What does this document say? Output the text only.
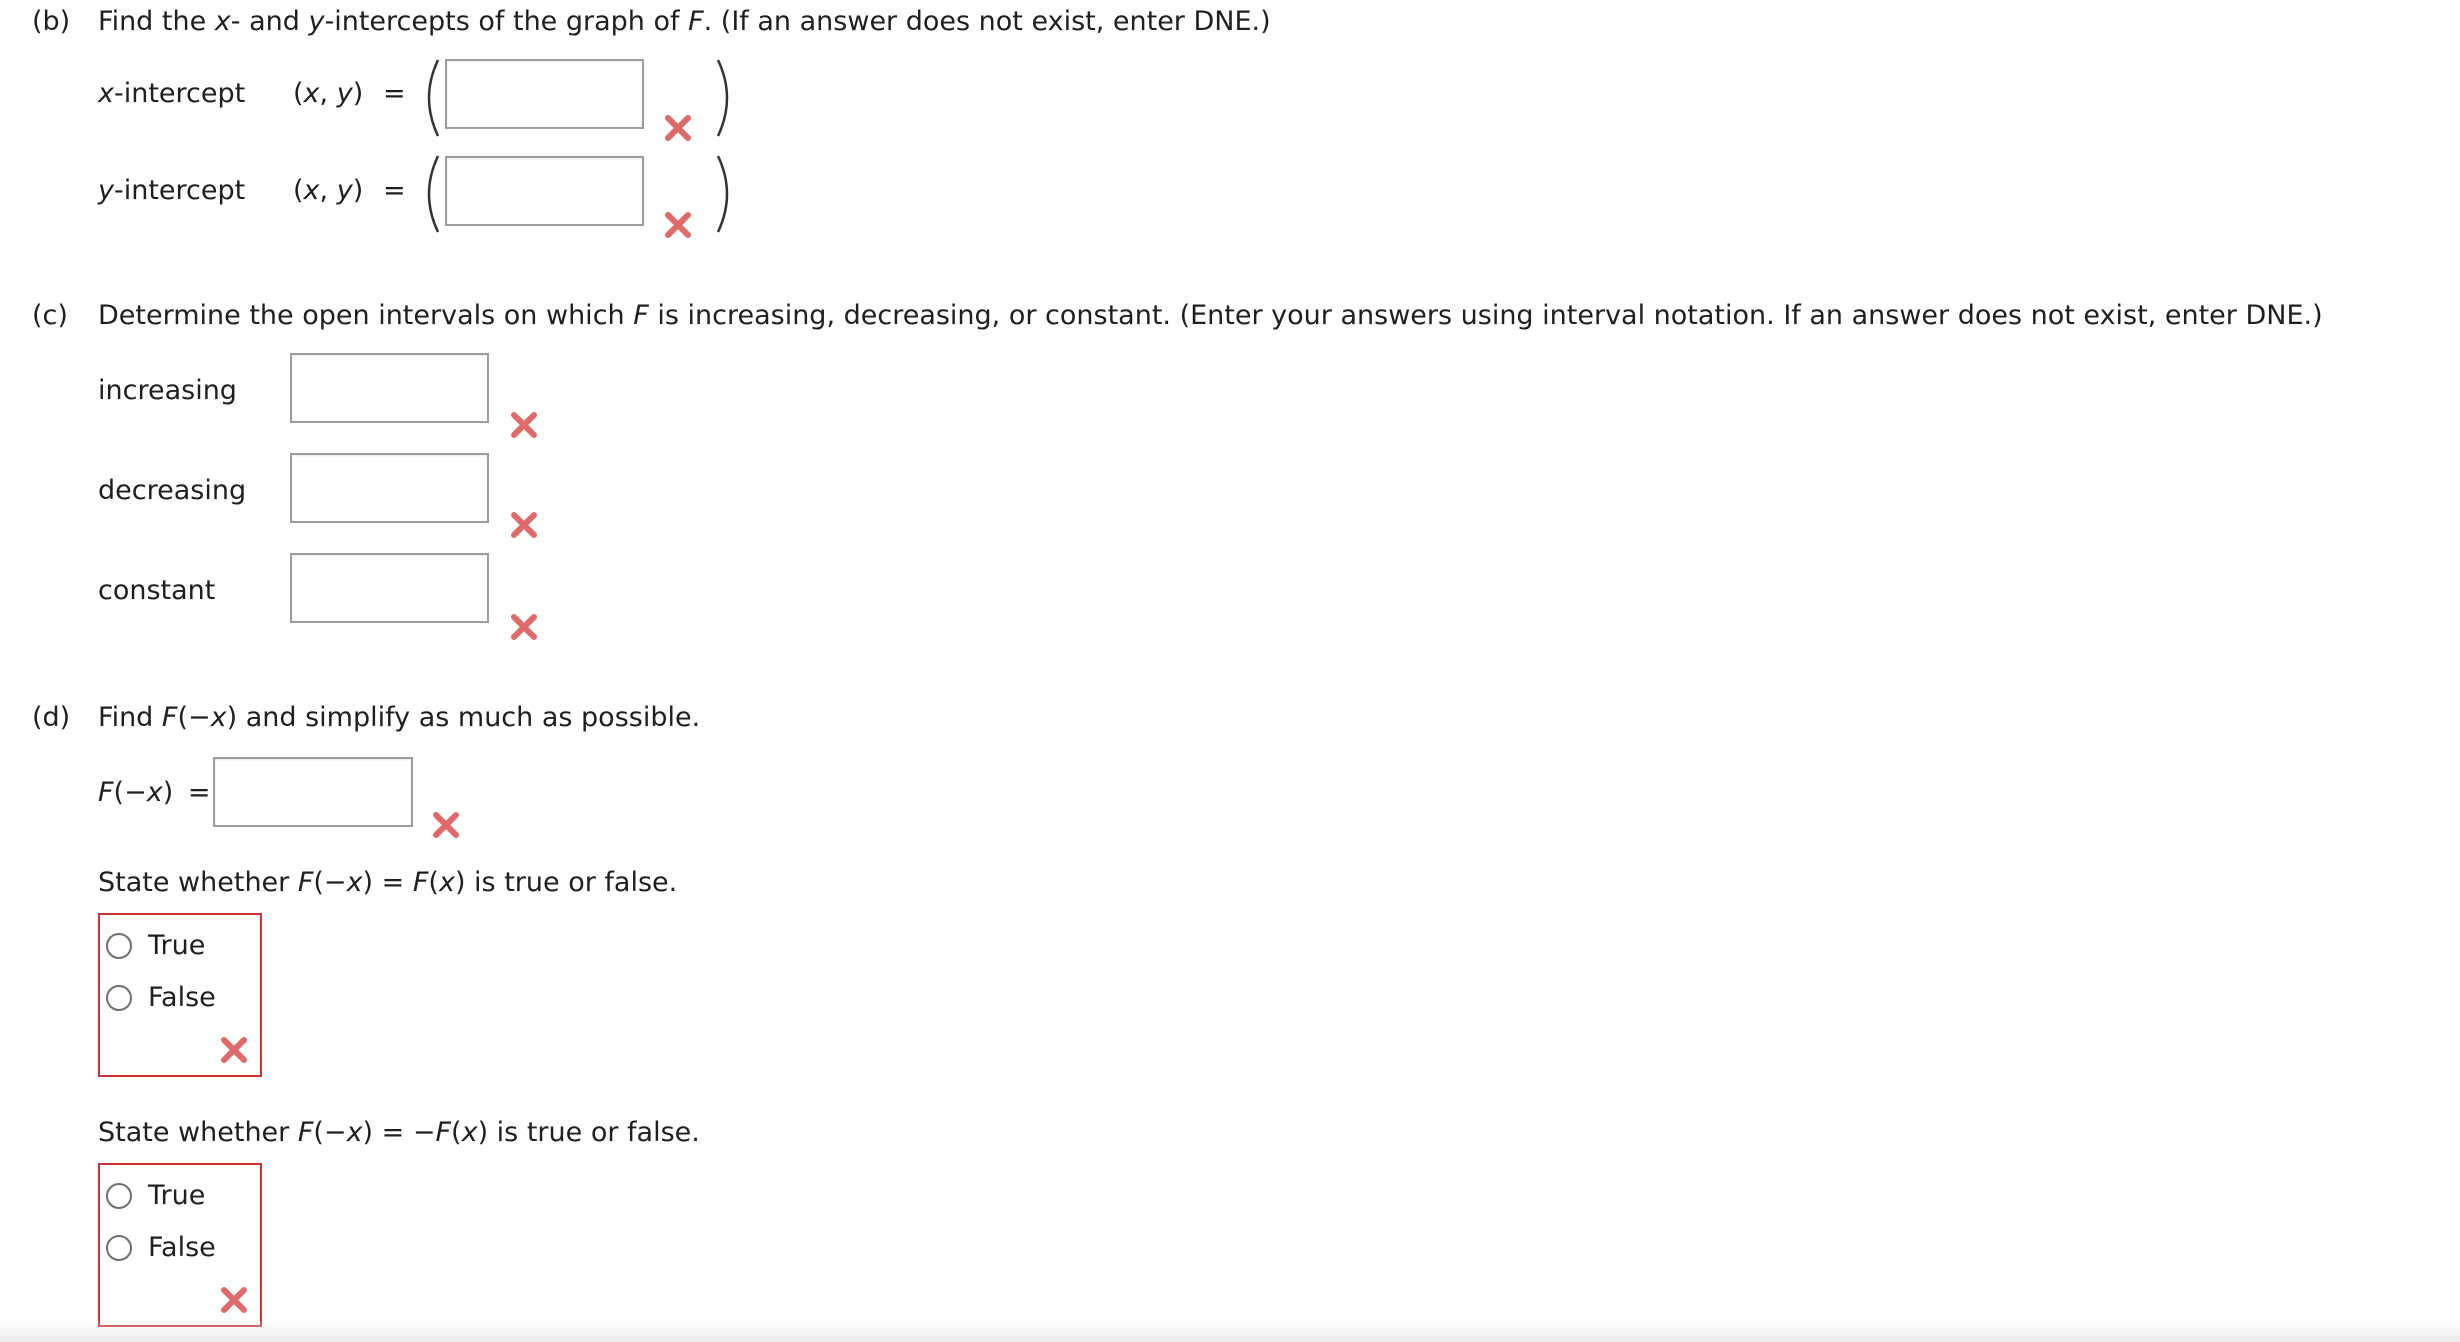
(b) Find the x- and y-intercepts of the graph of F. (If an answer does not exist, enter DNE.)
x-intercept (x, y) =
y-intercept (x, y) =
(c) Determine the open intervals on which F is increasing, decreasing, or constant. (Enter your answers using interval notation. If an answer does not exist, enter DNE.)
increasing
decreasing
constant
(d) Find F(−x) and simplify as much as possible.
F(−x) =
State whether F(−x) = F(x) is true or false.
True
False
State whether F(−x) = −F(x) is true or false.
True
False
